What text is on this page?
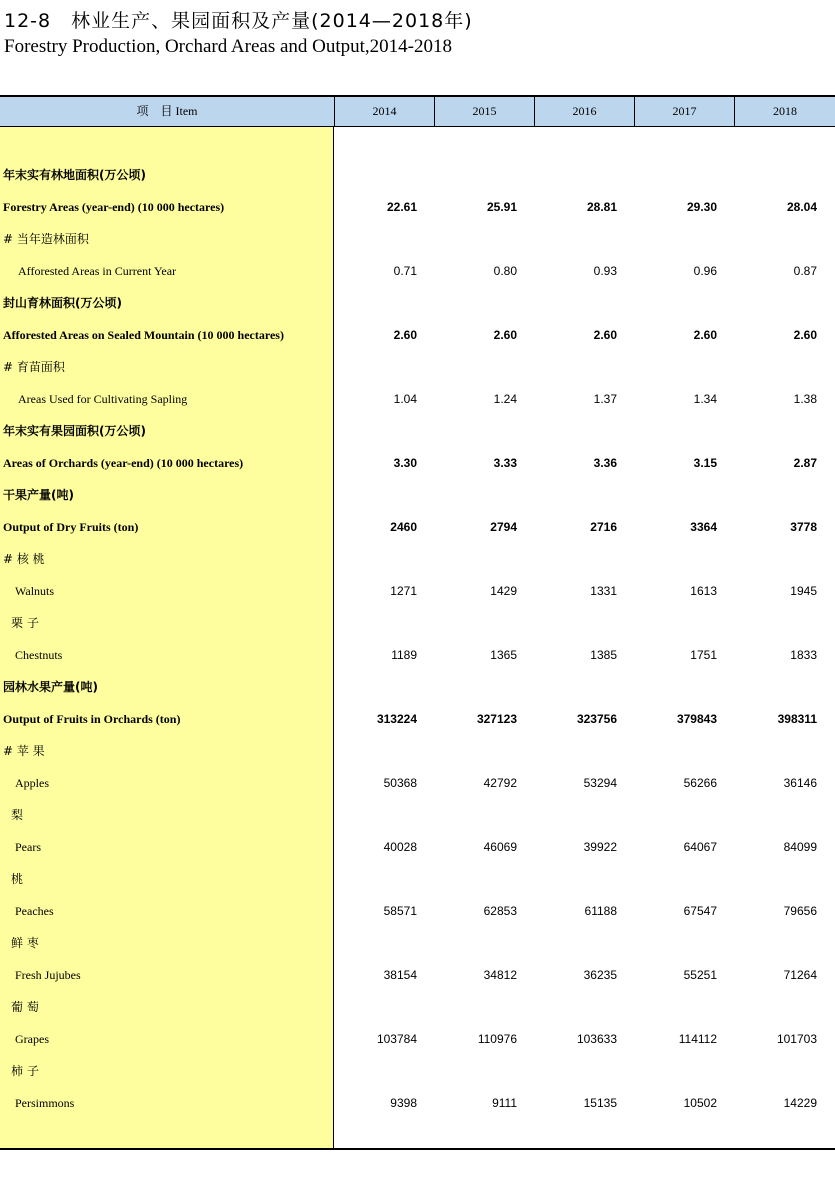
12-8　林业生产、果园面积及产量(2014—2018年)
Forestry Production, Orchard Areas and Output,2014-2018
项　目 Item	2014	2015	2016	2017	2018
年末实有林地面积(万公顷)
Forestry Areas (year-end) (10 000 hectares)	22.61	25.91	28.81	29.30	28.04
# 当年造林面积
Afforested Areas in Current Year	0.71	0.80	0.93	0.96	0.87
封山育林面积(万公顷)
Afforested Areas on Sealed Mountain (10 000 hectares)	2.60	2.60	2.60	2.60	2.60
# 育苗面积
Areas Used for Cultivating Sapling	1.04	1.24	1.37	1.34	1.38
年末实有果园面积(万公顷)
Areas of Orchards (year-end) (10 000 hectares)	3.30	3.33	3.36	3.15	2.87
干果产量(吨)
Output of Dry Fruits (ton)	2460	2794	2716	3364	3778
# 核 桃
Walnuts	1271	1429	1331	1613	1945
栗 子
Chestnuts	1189	1365	1385	1751	1833
园林水果产量(吨)
Output of Fruits in Orchards (ton)	313224	327123	323756	379843	398311
# 苹 果
Apples	50368	42792	53294	56266	36146
梨
Pears	40028	46069	39922	64067	84099
桃
Peaches	58571	62853	61188	67547	79656
鲜 枣
Fresh Jujubes	38154	34812	36235	55251	71264
葡 萄
Grapes	103784	110976	103633	114112	101703
柿 子
Persimmons	9398	9111	15135	10502	14229
